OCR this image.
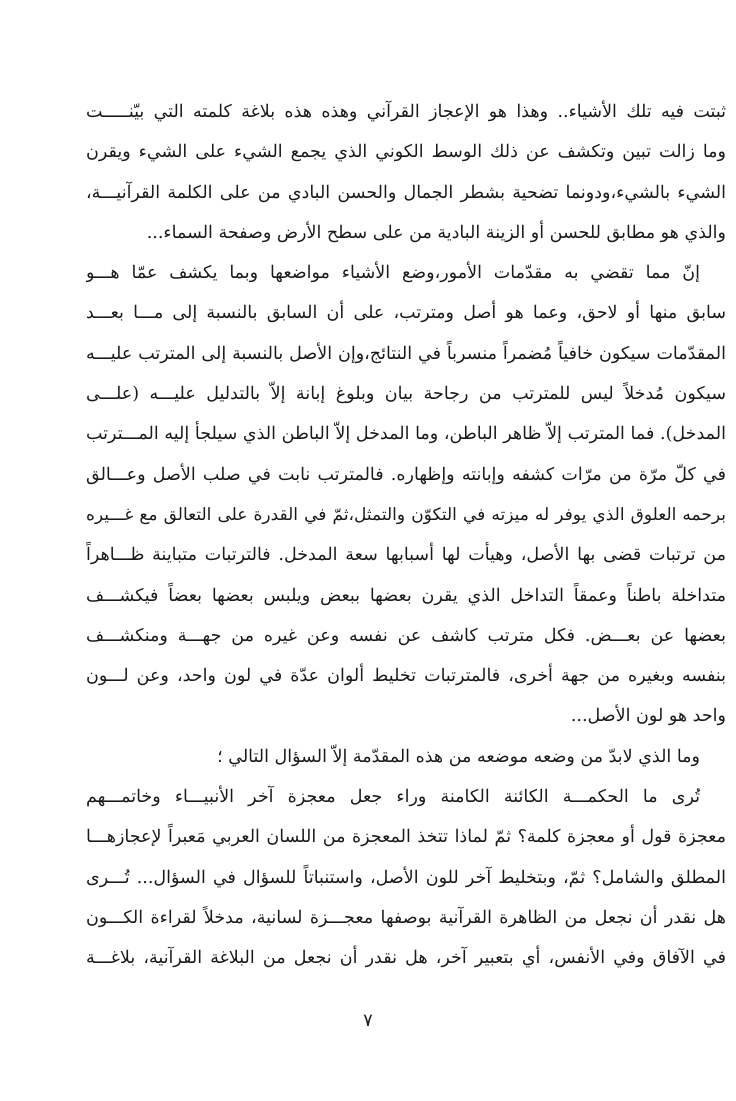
ثبتت فيه تلك الأشياء.. وهذا هو الإعجاز القرآني وهذه هذه بلاغة كلمته التي بيّنـــــت
وما زالت تبين وتكشف عن ذلك الوسط الكوني الذي يجمع الشيء على الشيء ويقرن
الشيء بالشيء،ودونما تضحية بشطر الجمال والحسن البادي من على الكلمة القرآنيـــة،
والذي هو مطابق للحسن أو الزينة البادية من على سطح الأرض وصفحة السماء...
إنّ مما تقضي به مقدّمات الأمور،وضع الأشياء مواضعها وبما يكشف عمّا هـــو
سابق منها أو لاحق، وعما هو أصل ومترتب، على أن السابق بالنسبة إلى مـــا بعـــد
المقدّمات سيكون خافياً مُضمراً منسرباً في النتائج،وإن الأصل بالنسبة إلى المترتب عليـــه
سيكون مُدخلاً ليس للمترتب من رجاحة بيان وبلوغ إبانة إلاّ بالتدليل عليـــه (علـــى
المدخل). فما المترتب إلاّ ظاهر الباطن، وما المدخل إلاّ الباطن الذي سيلجأ إليه المـــترتب
في كلّ مرّة من مرّات كشفه وإبانته وإظهاره. فالمترتب نابت في صلب الأصل وعـــالق
برحمه العلوق الذي يوفر له ميزته في التكوّن والتمثل،ثمّ في القدرة على التعالق مع غـــيره
من ترتبات قضى بها الأصل، وهيأت لها أسبابها سعة المدخل. فالترتبات متباينة ظـــاهراً
متداخلة باطناً وعمقاً التداخل الذي يقرن بعضها ببعض ويلبس بعضها بعضاً فيكشـــف
بعضها عن بعـــض. فكل مترتب كاشف عن نفسه وعن غيره من جهـــة ومنكشـــف
بنفسه وبغيره من جهة أخرى، فالمترتبات تخليط ألوان عدّة في لون واحد، وعن لـــون
واحد هو لون الأصل...
وما الذي لابدّ من وضعه موضعه من هذه المقدّمة إلاّ السؤال التالي ؛
تُرى ما الحكمـــة الكائنة الكامنة وراء جعل معجزة آخر الأنبيـــاء وخاتمـــهم
معجزة قول أو معجزة كلمة؟ ثمّ لماذا تتخذ المعجزة من اللسان العربي مَعبراً لإعجازهـــا
المطلق والشامل؟ ثمّ، وبتخليط آخر للون الأصل، واستنباتاً للسؤال في السؤال... تُـــرى
هل نقدر أن نجعل من الظاهرة القرآنية بوصفها معجـــزة لسانية، مدخلاً لقراءة الكـــون
في الآفاق وفي الأنفس، أي بتعبير آخر، هل نقدر أن نجعل من البلاغة القرآنية، بلاغـــة
٧
